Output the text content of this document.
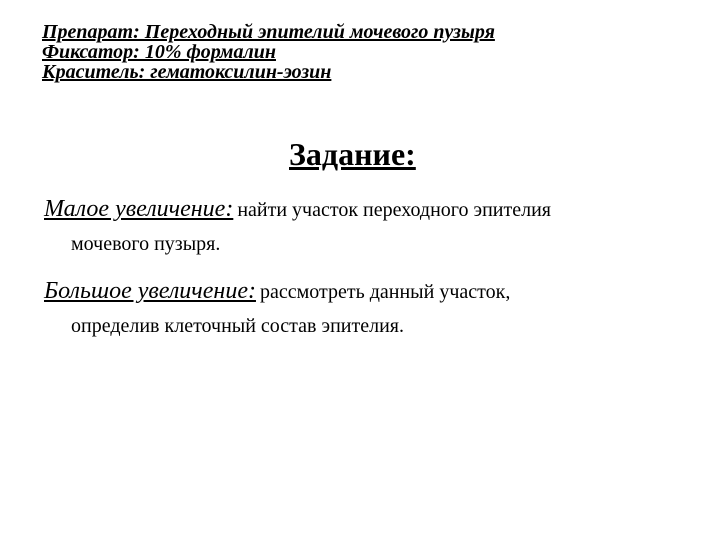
Препарат: Переходный эпителий мочевого пузыря
Фиксатор: 10% формалин
Краситель: гематоксилин-эозин
Задание:
Малое увеличение: найти участок переходного эпителия
мочевого пузыря.
Большое увеличение: рассмотреть данный участок,
определив клеточный состав эпителия.
